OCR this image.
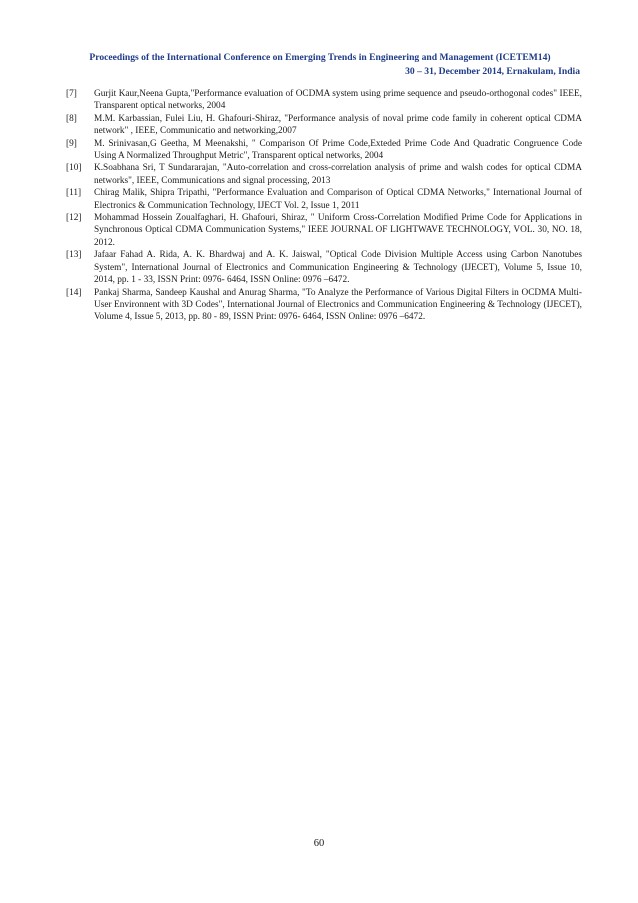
Proceedings of the International Conference on Emerging Trends in Engineering and Management (ICETEM14)
30 – 31, December 2014, Ernakulam, India
[7]	Gurjit Kaur,Neena Gupta,"Performance evaluation of OCDMA system using prime sequence and pseudo-orthogonal codes" IEEE, Transparent optical networks, 2004
[8]	M.M. Karbassian, Fulei Liu, H. Ghafouri-Shiraz, "Performance analysis of noval prime code family in coherent optical CDMA network" , IEEE, Communicatio and networking,2007
[9]	M. Srinivasan,G Geetha, M Meenakshi, " Comparison Of Prime Code,Exteded Prime Code And Quadratic Congruence Code Using A Normalized Throughput Metric", Transparent optical networks, 2004
[10]	K.Soabhana Sri, T Sundararajan, "Auto-correlation and cross-correlation analysis of prime and walsh codes for optical CDMA networks", IEEE, Communications and signal processing, 2013
[11]	Chirag Malik, Shipra Tripathi, "Performance Evaluation and Comparison of Optical CDMA Networks," International Journal of Electronics & Communication Technology, IJECT Vol. 2, Issue 1, 2011
[12]	Mohammad Hossein Zoualfaghari, H. Ghafouri, Shiraz, " Uniform Cross-Correlation Modified Prime Code for Applications in Synchronous Optical CDMA Communication Systems," IEEE JOURNAL OF LIGHTWAVE TECHNOLOGY, VOL. 30, NO. 18, 2012.
[13]	Jafaar Fahad A. Rida, A. K. Bhardwaj and A. K. Jaiswal, "Optical Code Division Multiple Access using Carbon Nanotubes System", International Journal of Electronics and Communication Engineering & Technology (IJECET), Volume 5, Issue 10, 2014, pp. 1 - 33, ISSN Print: 0976- 6464, ISSN Online: 0976 –6472.
[14]	Pankaj Sharma, Sandeep Kaushal and Anurag Sharma, "To Analyze the Performance of Various Digital Filters in OCDMA Multi-User Environnent with 3D Codes", International Journal of Electronics and Communication Engineering & Technology (IJECET), Volume 4, Issue 5, 2013, pp. 80 - 89, ISSN Print: 0976- 6464, ISSN Online: 0976 –6472.
60
